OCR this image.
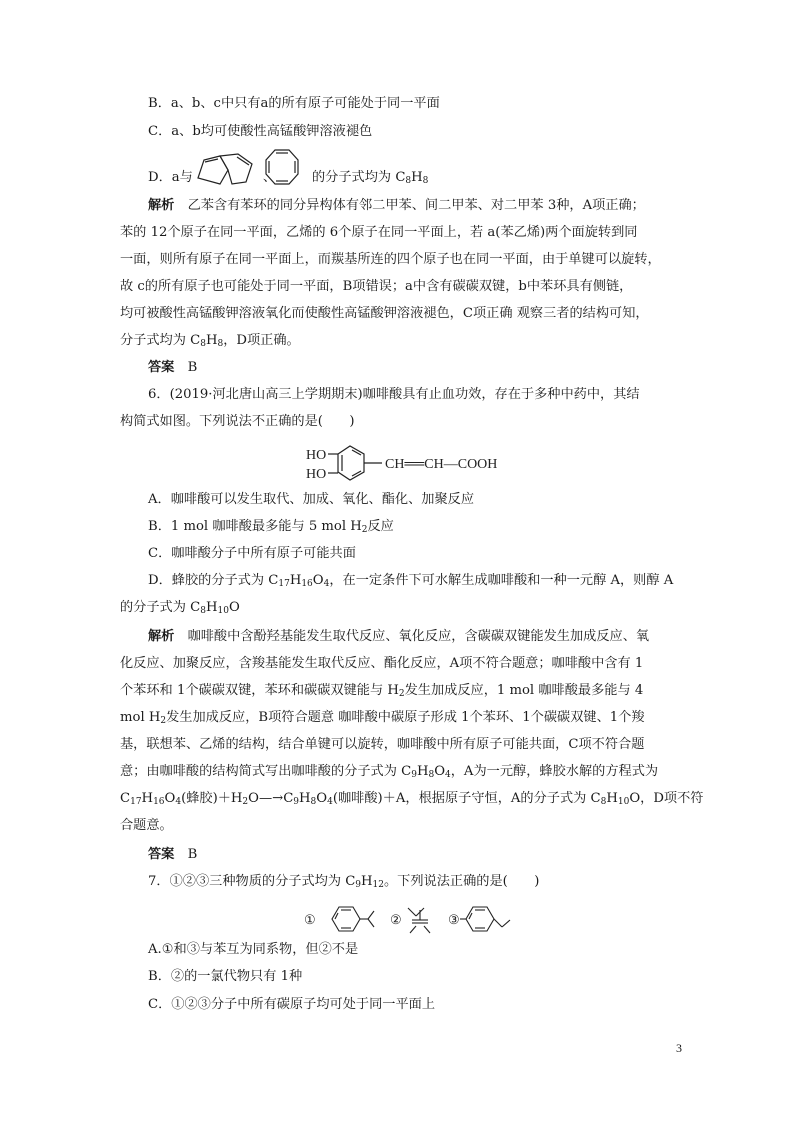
B．a、b、c中只有a的所有原子可能处于同一平面
C．a、b均可使酸性高锰酸钾溶液褪色
D．a与	、	的分子式均为 $C_8H_8$
解析　 乙苯含有苯环的同分异构体有邻二甲苯、间二甲苯、对二甲苯 3种，A项正确；
苯的 12个原子在同一平面，乙烯的 6个原子在同一平面上，若 a(苯乙烯)两个面旋转到同
一面，则所有原子在同一平面上，而羰基所连的四个原子也在同一平面，由于单键可以旋转，
故 c的所有原子也可能处于同一平面，B项错误；a中含有碳碳双键，b中苯环具有侧链，
均可被酸性高锰酸钾溶液氧化而使酸性高锰酸钾溶液褪色，C项正确 观察三者的结构可知，
分子式均为 $C_8H_8$，D项正确。
答案　 B
6．(2019·河北唐山高三上学期期末)咖啡酸具有止血功效，存在于多种中药中，其结
构简式如图。下列说法不正确的是(　　)
HO
HO
CH══CH—COOH
A．咖啡酸可以发生取代、加成、氧化、酯化、加聚反应
B．1 mol 咖啡酸最多能与 5 mol $H_2$反应
C．咖啡酸分子中所有原子可能共面
D．蜂胶的分子式为 $C_{17}H_{16}O_4$，在一定条件下可水解生成咖啡酸和一种一元醇 A，则醇 A
的分子式为 $C_8H_{10}O$
解析　 咖啡酸中含酚羟基能发生取代反应、氧化反应，含碳碳双键能发生加成反应、氧
化反应、加聚反应，含羧基能发生取代反应、酯化反应，A项不符合题意；咖啡酸中含有 1
个苯环和 1个碳碳双键，苯环和碳碳双键能与 $H_2$发生加成反应，1 mol 咖啡酸最多能与 4
mol $H_2$发生加成反应，B项符合题意 咖啡酸中碳原子形成 1个苯环、1个碳碳双键、1个羧
基，联想苯、乙烯的结构，结合单键可以旋转，咖啡酸中所有原子可能共面，C项不符合题
意；由咖啡酸的结构简式写出咖啡酸的分子式为 $C_9H_8O_4$，A为一元醇，蜂胶水解的方程式为
$C_{17}H_{16}O_4$(蜂胶)$+H_2O—\to C_9H_8O_4$(咖啡酸)＋A，根据原子守恒，A的分子式为 $C_8H_{10}O$，D项不符
合题意。
答案　 B
7．①②③三种物质的分子式均为 $C_9H_{12}$。下列说法正确的是(　　)
①	②	③
A.①和③与苯互为同系物，但②不是
B．②的一氯代物只有 1种
C．①②③分子中所有碳原子均可处于同一平面上
3
